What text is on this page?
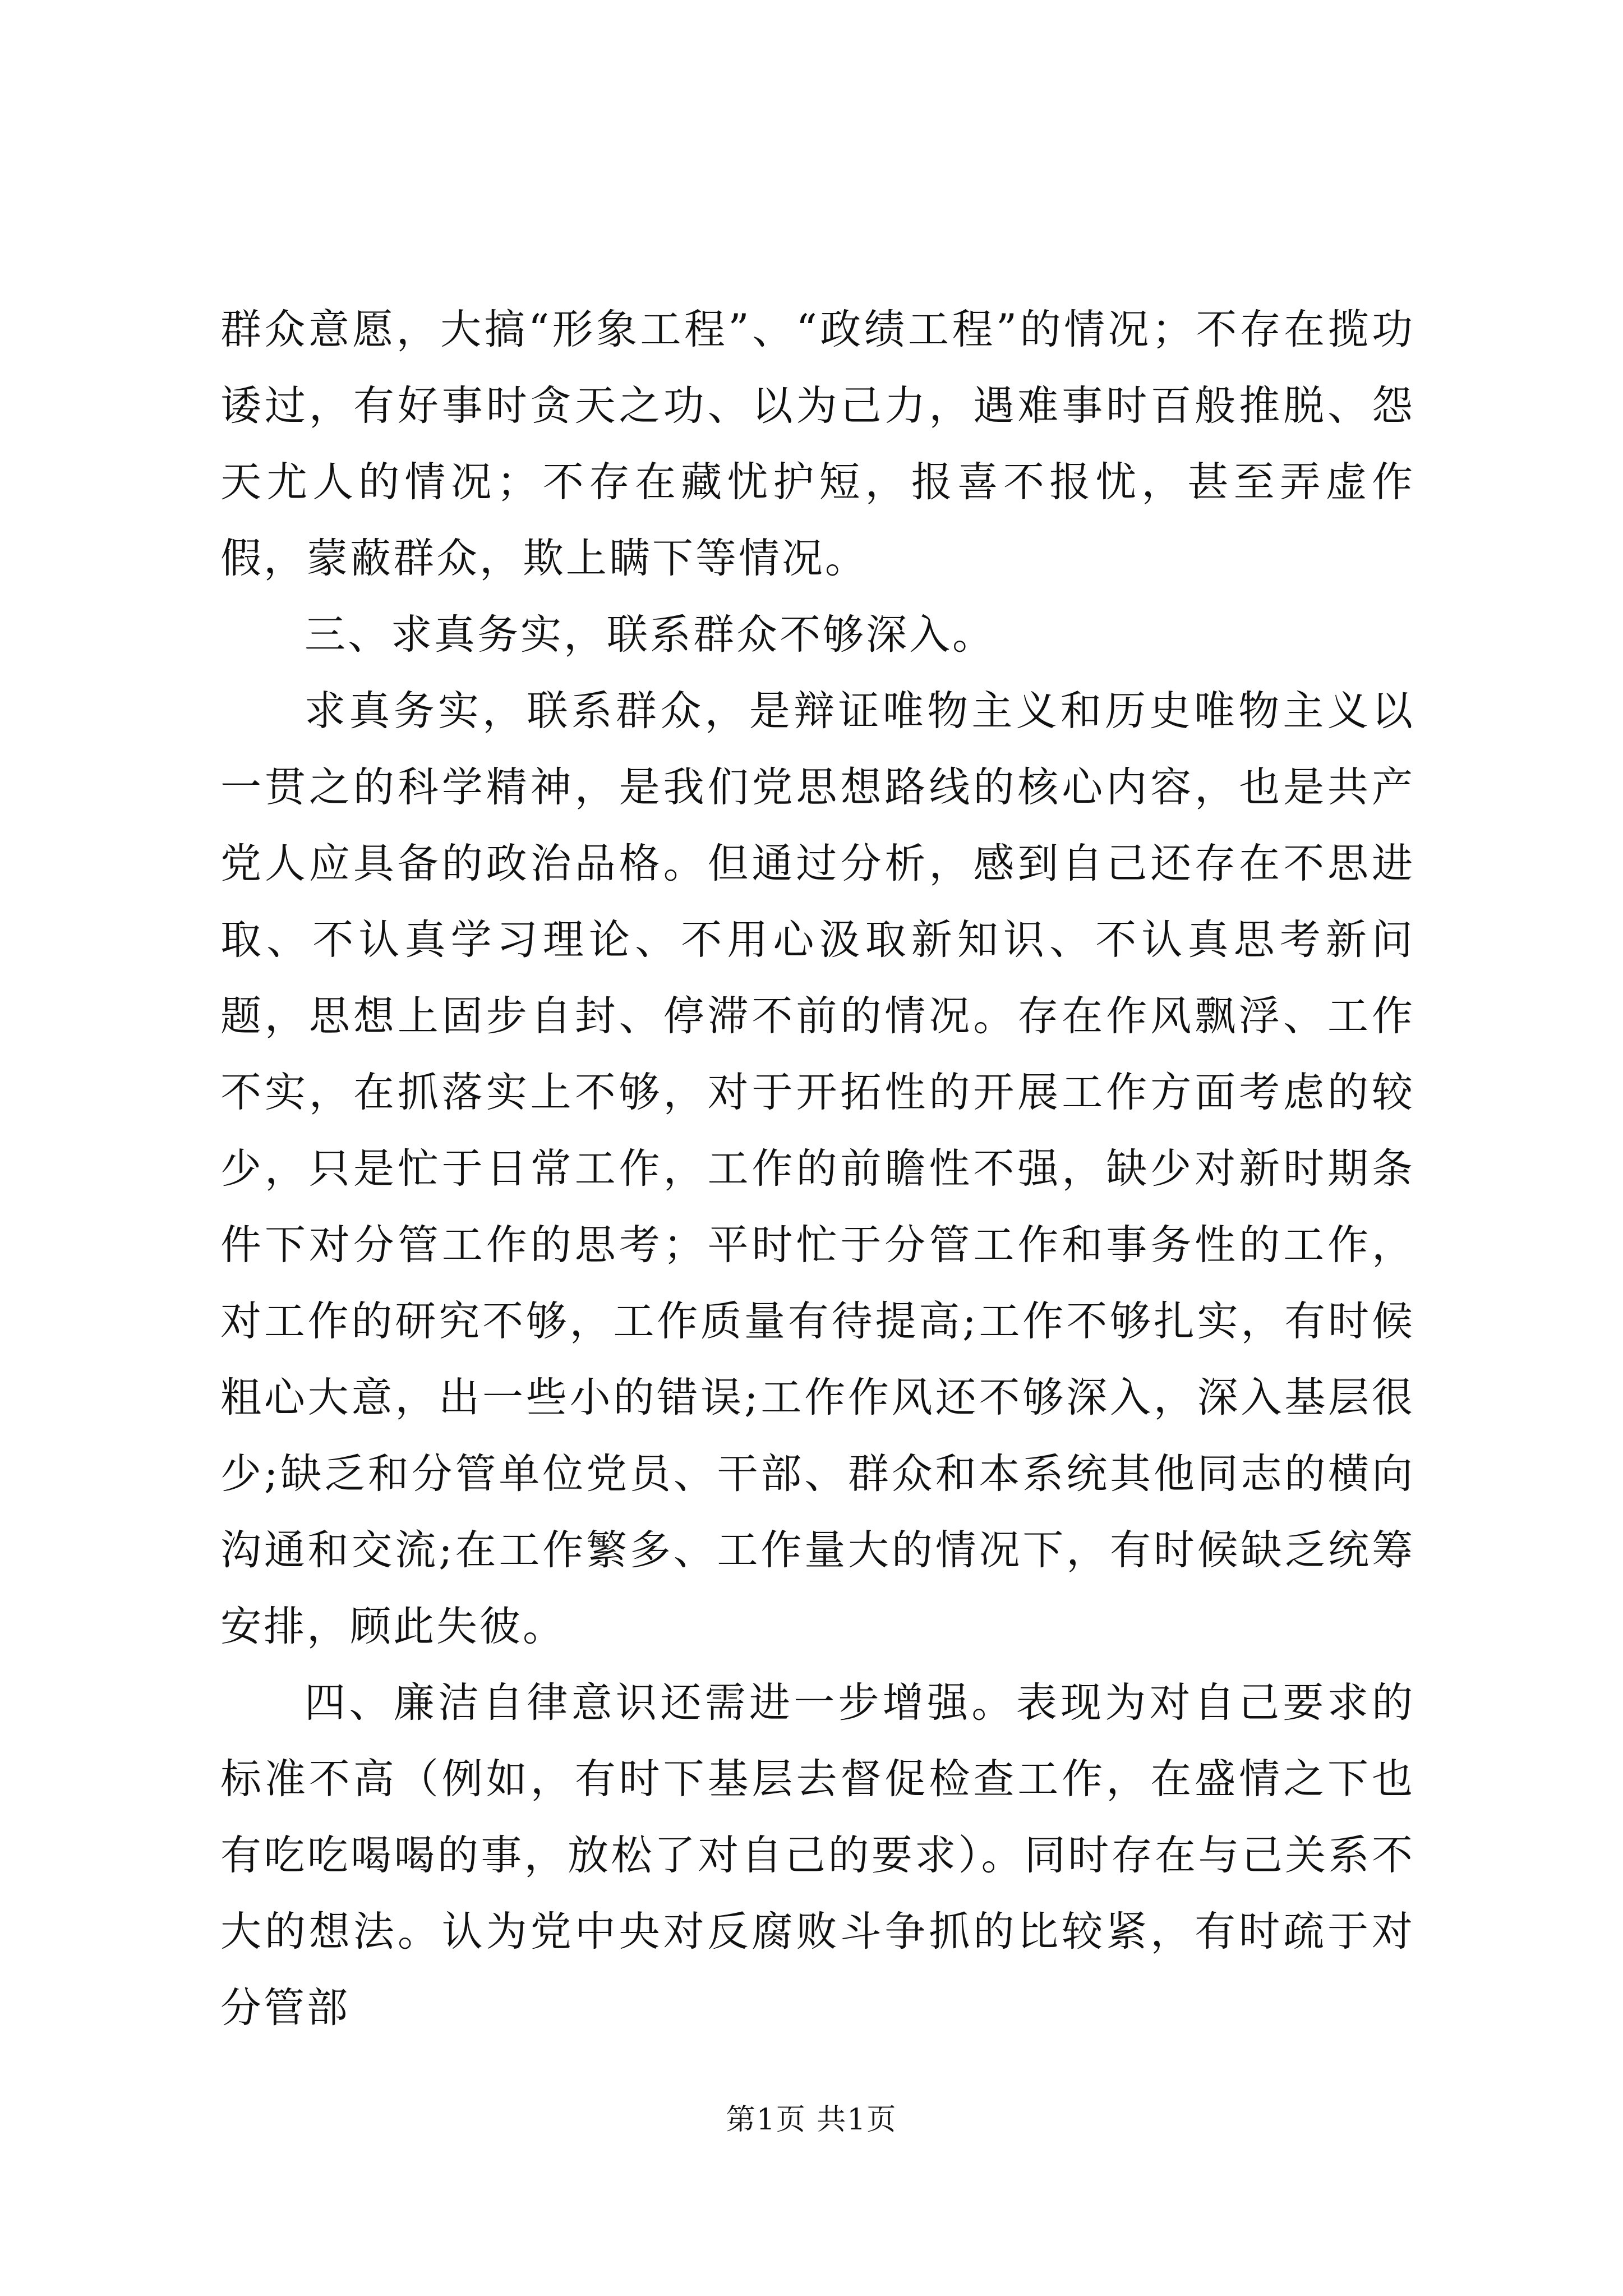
群众意愿，大搞“形象工程”、“政绩工程”的情况；不存在揽功诿过，有好事时贪天之功、以为己力，遇难事时百般推脱、怨天尤人的情况；不存在藏忧护短，报喜不报忧，甚至弄虚作假，蒙蔽群众，欺上瞒下等情况。

三、求真务实，联系群众不够深入。

求真务实，联系群众，是辩证唯物主义和历史唯物主义以一贯之的科学精神，是我们党思想路线的核心内容，也是共产党人应具备的政治品格。但通过分析，感到自己还存在不思进取、不认真学习理论、不用心汲取新知识、不认真思考新问题，思想上固步自封、停滞不前的情况。存在作风飘浮、工作不实，在抓落实上不够，对于开拓性的开展工作方面考虑的较少，只是忙于日常工作，工作的前瞻性不强，缺少对新时期条件下对分管工作的思考；平时忙于分管工作和事务性的工作，对工作的研究不够，工作质量有待提高;工作不够扎实，有时候粗心大意，出一些小的错误;工作作风还不够深入，深入基层很少;缺乏和分管单位党员、干部、群众和本系统其他同志的横向沟通和交流;在工作繁多、工作量大的情况下，有时候缺乏统筹安排，顾此失彼。

四、廉洁自律意识还需进一步增强。表现为对自己要求的标准不高（例如，有时下基层去督促检查工作，在盛情之下也有吃吃喝喝的事，放松了对自己的要求）。同时存在与己关系不大的想法。认为党中央对反腐败斗争抓的比较紧，有时疏于对分管部

第1页 共1页
